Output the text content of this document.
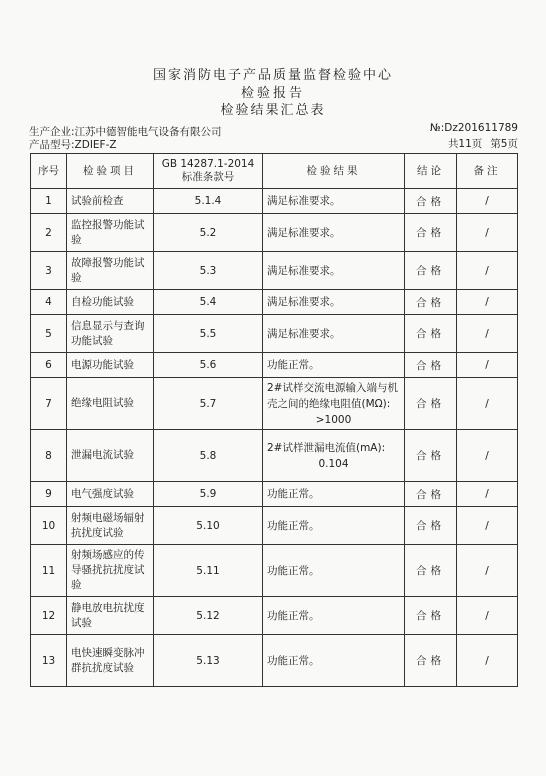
国家消防电子产品质量监督检验中心
检验报告
检验结果汇总表
生产企业:江苏中德智能电气设备有限公司
产品型号:ZDIEF-Z
№:Dz201611789
共11页 第5页
序号	检验项目	GB 14287.1-2014
标准条款号	检验结果	结论	备注
1	试验前检查	5.1.4	满足标准要求。	合格	/
2	监控报警功能试验	5.2	满足标准要求。	合格	/
3	故障报警功能试验	5.3	满足标准要求。	合格	/
4	自检功能试验	5.4	满足标准要求。	合格	/
5	信息显示与查询功能试验	5.5	满足标准要求。	合格	/
6	电源功能试验	5.6	功能正常。	合格	/
7	绝缘电阻试验	5.7	2#试样交流电源输入端与机壳之间的绝缘电阻值(MΩ):
>1000	合格	/
8	泄漏电流试验	5.8	2#试样泄漏电流值(mA):
0.104	合格	/
9	电气强度试验	5.9	功能正常。	合格	/
10	射频电磁场辐射抗扰度试验	5.10	功能正常。	合格	/
11	射频场感应的传导骚扰抗扰度试验	5.11	功能正常。	合格	/
12	静电放电抗扰度试验	5.12	功能正常。	合格	/
13	电快速瞬变脉冲群抗扰度试验	5.13	功能正常。	合格	/
